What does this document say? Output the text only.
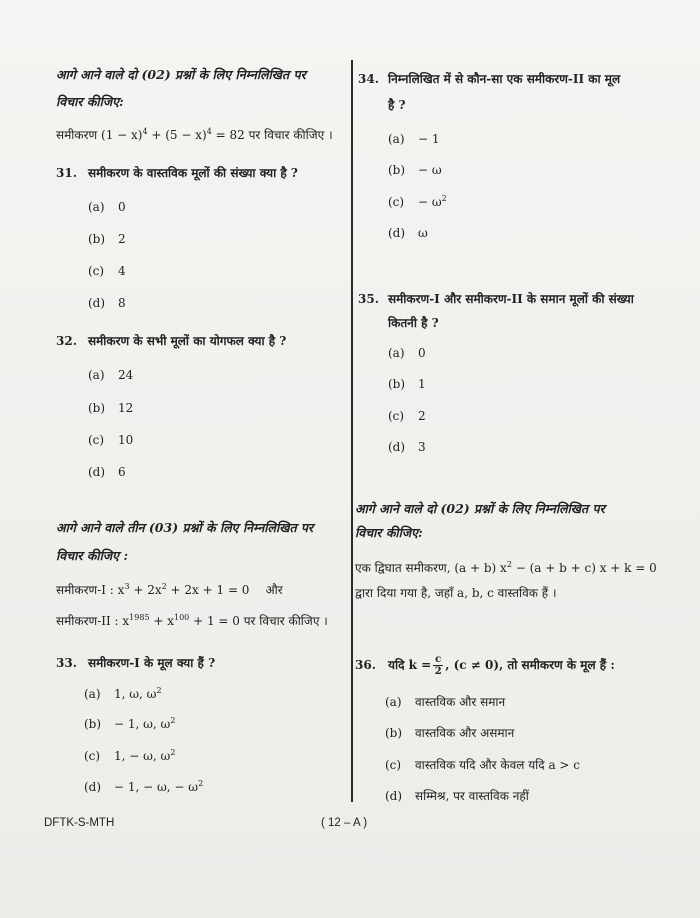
आगे आने वाले दो (02) प्रश्नों के लिए निम्नलिखित पर
विचार कीजिए:
समीकरण $(1 - x)^4 + (5 - x)^4 = 82$ पर विचार कीजिए ।
31. समीकरण के वास्तविक मूलों की संख्या क्या है ?
(a) 0
(b) 2
(c) 4
(d) 8
32. समीकरण के सभी मूलों का योगफल क्या है ?
(a) 24
(b) 12
(c) 10
(d) 6
आगे आने वाले तीन (03) प्रश्नों के लिए निम्नलिखित पर
विचार कीजिए :
समीकरण-I : $x^3 + 2x^2 + 2x + 1 = 0$ और
समीकरण-II : $x^{1985} + x^{100} + 1 = 0$ पर विचार कीजिए ।
33. समीकरण-I के मूल क्या हैं ?
(a) 1, ω, $\omega^2$
(b) − 1, ω, $\omega^2$
(c) 1, − ω, $\omega^2$
(d) − 1, − ω, − $\omega^2$
34. निम्नलिखित में से कौन-सा एक समीकरण-II का मूल
है ?
(a) − 1
(b) − ω
$(c) - \omega^2$
(d) ω
35. समीकरण-I और समीकरण-II के समान मूलों की संख्या
कितनी है ?
(a) 0
(b) 1
(c) 2
(d) 3
आगे आने वाले दो (02) प्रश्नों के लिए निम्नलिखित पर
विचार कीजिए:
एक द्विघात समीकरण, (a + b) $x^2 - (a + b + c) x + k = 0$
द्वारा दिया गया है, जहाँ a, b, c वास्तविक हैं ।
36. यदि $k = \frac{c}{2}$ , (c ≠ 0), तो समीकरण के मूल हैं :
(a) वास्तविक और समान
(b) वास्तविक और असमान
(c) वास्तविक यदि और केवल यदि a > c
(d) सम्मिश्र, पर वास्तविक नहीं
DFTK-S-MTH	( 12 – A )
